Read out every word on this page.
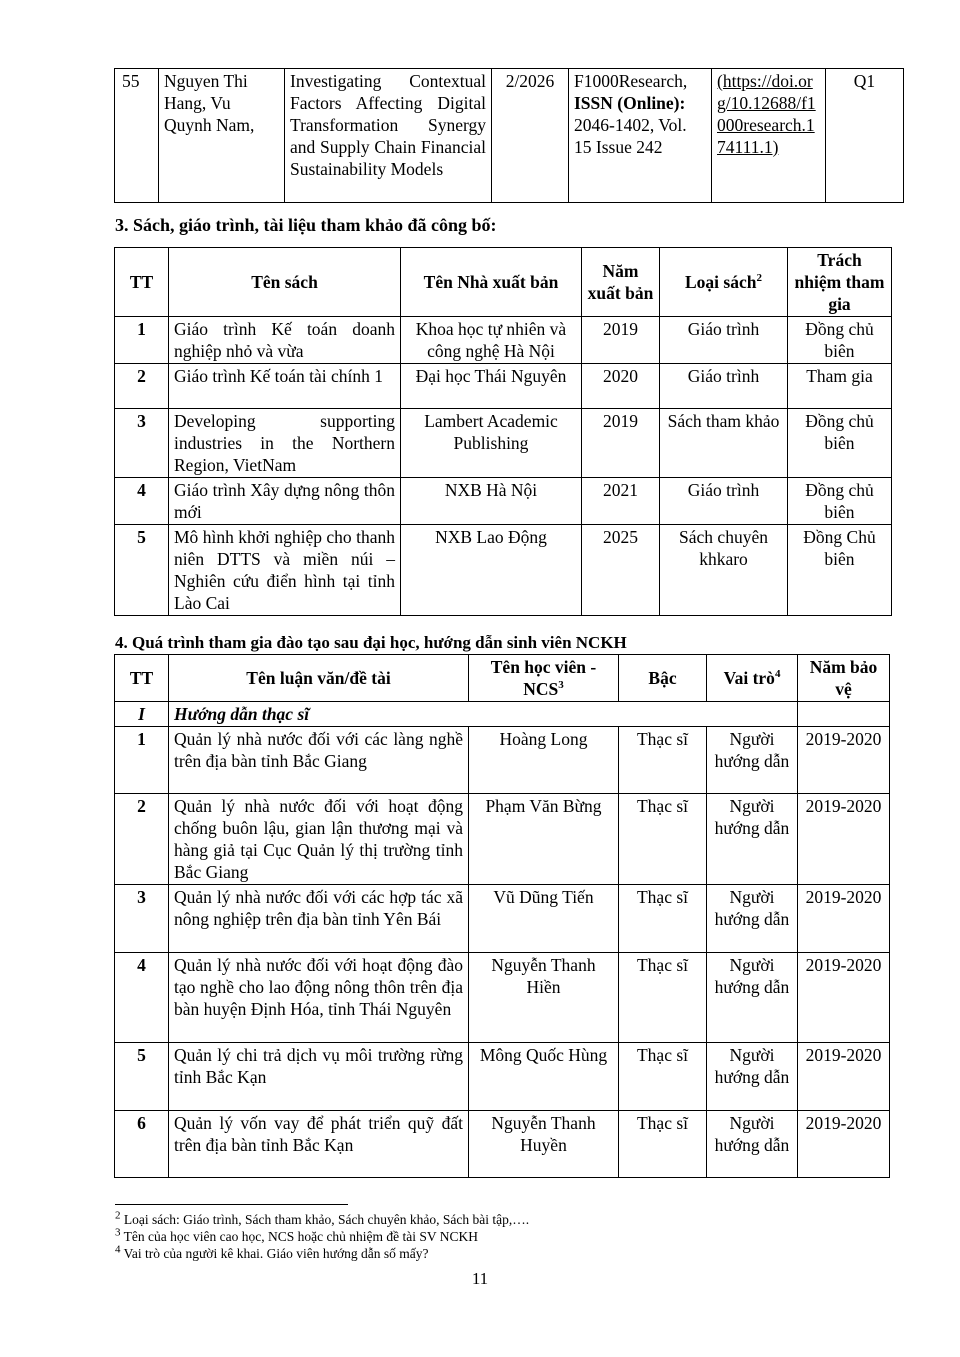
55	Nguyen Thi Hang, Vu Quynh Nam,	Investigating Contextual Factors Affecting Digital Transformation Synergy and Supply Chain Financial Sustainability Models	2/2026	F1000Research, ISSN (Online): 2046-1402, Vol. 15 Issue 242	(https://doi.org/10.12688/f1000research.174111.1)	Q1
3. Sách, giáo trình, tài liệu tham khảo đã công bố:
TT	Tên sách	Tên Nhà xuất bản	Năm xuất bản	Loại sách$^2$	Trách nhiệm tham gia
1	Giáo trình Kế toán doanh nghiệp nhỏ và vừa	Khoa học tự nhiên và công nghệ Hà Nội	2019	Giáo trình	Đồng chủ biên
2	Giáo trình Kế toán tài chính 1	Đại học Thái Nguyên	2020	Giáo trình	Tham gia
3	Developing supporting industries in the Northern Region, VietNam	Lambert Academic Publishing	2019	Sách tham khảo	Đồng chủ biên
4	Giáo trình Xây dựng nông thôn mới	NXB Hà Nội	2021	Giáo trình	Đồng chủ biên
5	Mô hình khởi nghiệp cho thanh niên DTTS và miền núi – Nghiên cứu điển hình tại tỉnh Lào Cai	NXB Lao Động	2025	Sách chuyên khkaro	Đồng Chủ biên
4. Quá trình tham gia đào tạo sau đại học, hướng dẫn sinh viên NCKH
TT	Tên luận văn/đề tài	Tên học viên - NCS$^3$	Bậc	Vai trò$^4$	Năm bảo vệ
I	Hướng dẫn thạc sĩ				
1	Quản lý nhà nước đối với các làng nghề trên địa bàn tỉnh Bắc Giang	Hoàng Long	Thạc sĩ	Người hướng dẫn	2019-2020
2	Quản lý nhà nước đối với hoạt động chống buôn lậu, gian lận thương mại và hàng giả tại Cục Quản lý thị trường tỉnh Bắc Giang	Phạm Văn Bừng	Thạc sĩ	Người hướng dẫn	2019-2020
3	Quản lý nhà nước đối với các hợp tác xã nông nghiệp trên địa bàn tỉnh Yên Bái	Vũ Dũng Tiến	Thạc sĩ	Người hướng dẫn	2019-2020
4	Quản lý nhà nước đối với hoạt động đào tạo nghề cho lao động nông thôn trên địa bàn huyện Định Hóa, tỉnh Thái Nguyên	Nguyễn Thanh Hiền	Thạc sĩ	Người hướng dẫn	2019-2020
5	Quản lý chi trả dịch vụ môi trường rừng tỉnh Bắc Kạn	Mông Quốc Hùng	Thạc sĩ	Người hướng dẫn	2019-2020
6	Quản lý vốn vay để phát triển quỹ đất trên địa bàn tỉnh Bắc Kạn	Nguyễn Thanh Huyền	Thạc sĩ	Người hướng dẫn	2019-2020
$^2$ Loại sách: Giáo trình, Sách tham khảo, Sách chuyên khảo, Sách bài tập,….
$^3$ Tên của học viên cao học, NCS hoặc chủ nhiệm đề tài SV NCKH
$^4$ Vai trò của người kê khai. Giáo viên hướng dẫn số mấy?
11
